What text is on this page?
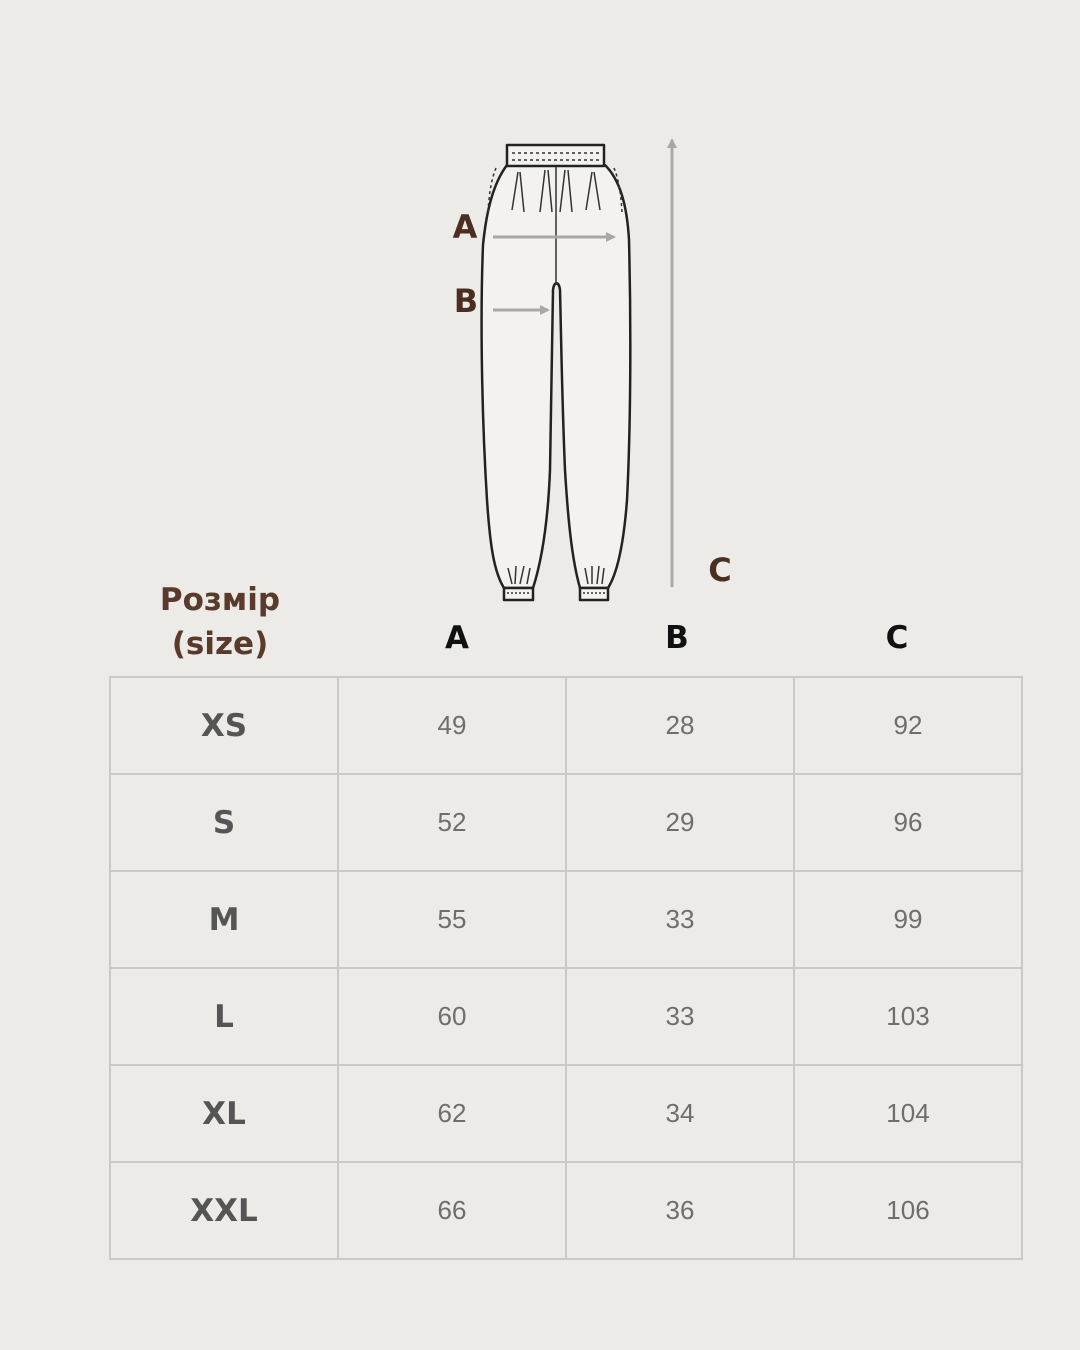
A
B
C
Розмір
(size)	A	B	C
XS	49	28	92
S	52	29	96
M	55	33	99
L	60	33	103
XL	62	34	104
XXL	66	36	106
